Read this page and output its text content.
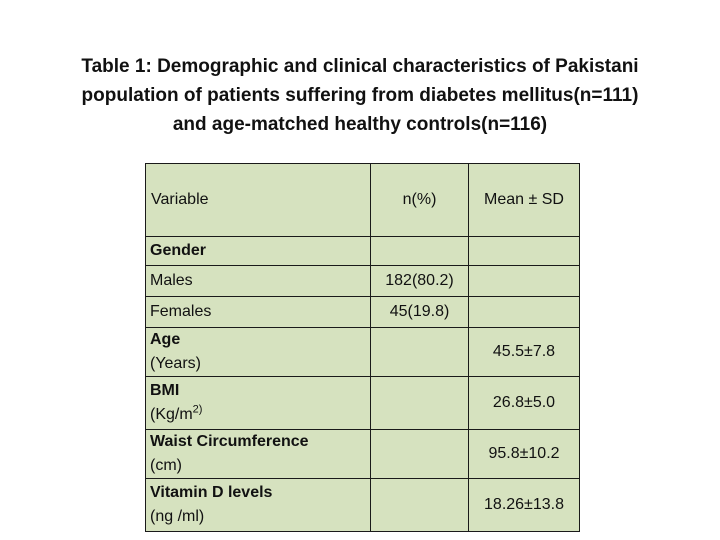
Table 1: Demographic and clinical characteristics of Pakistani
population of patients suffering from diabetes mellitus(n=111)
and age-matched healthy controls(n=116)
Variable	n(%)	Mean ± SD

Gender		

Males	182(80.2)	

Females	45(19.8)	

Age
(Years)		45.5±7.8

BMI
($Kg/m^{2)}$		26.8±5.0

Waist Circumference
(cm)		95.8±10.2

Vitamin D levels
(ng /ml)		18.26±13.8
